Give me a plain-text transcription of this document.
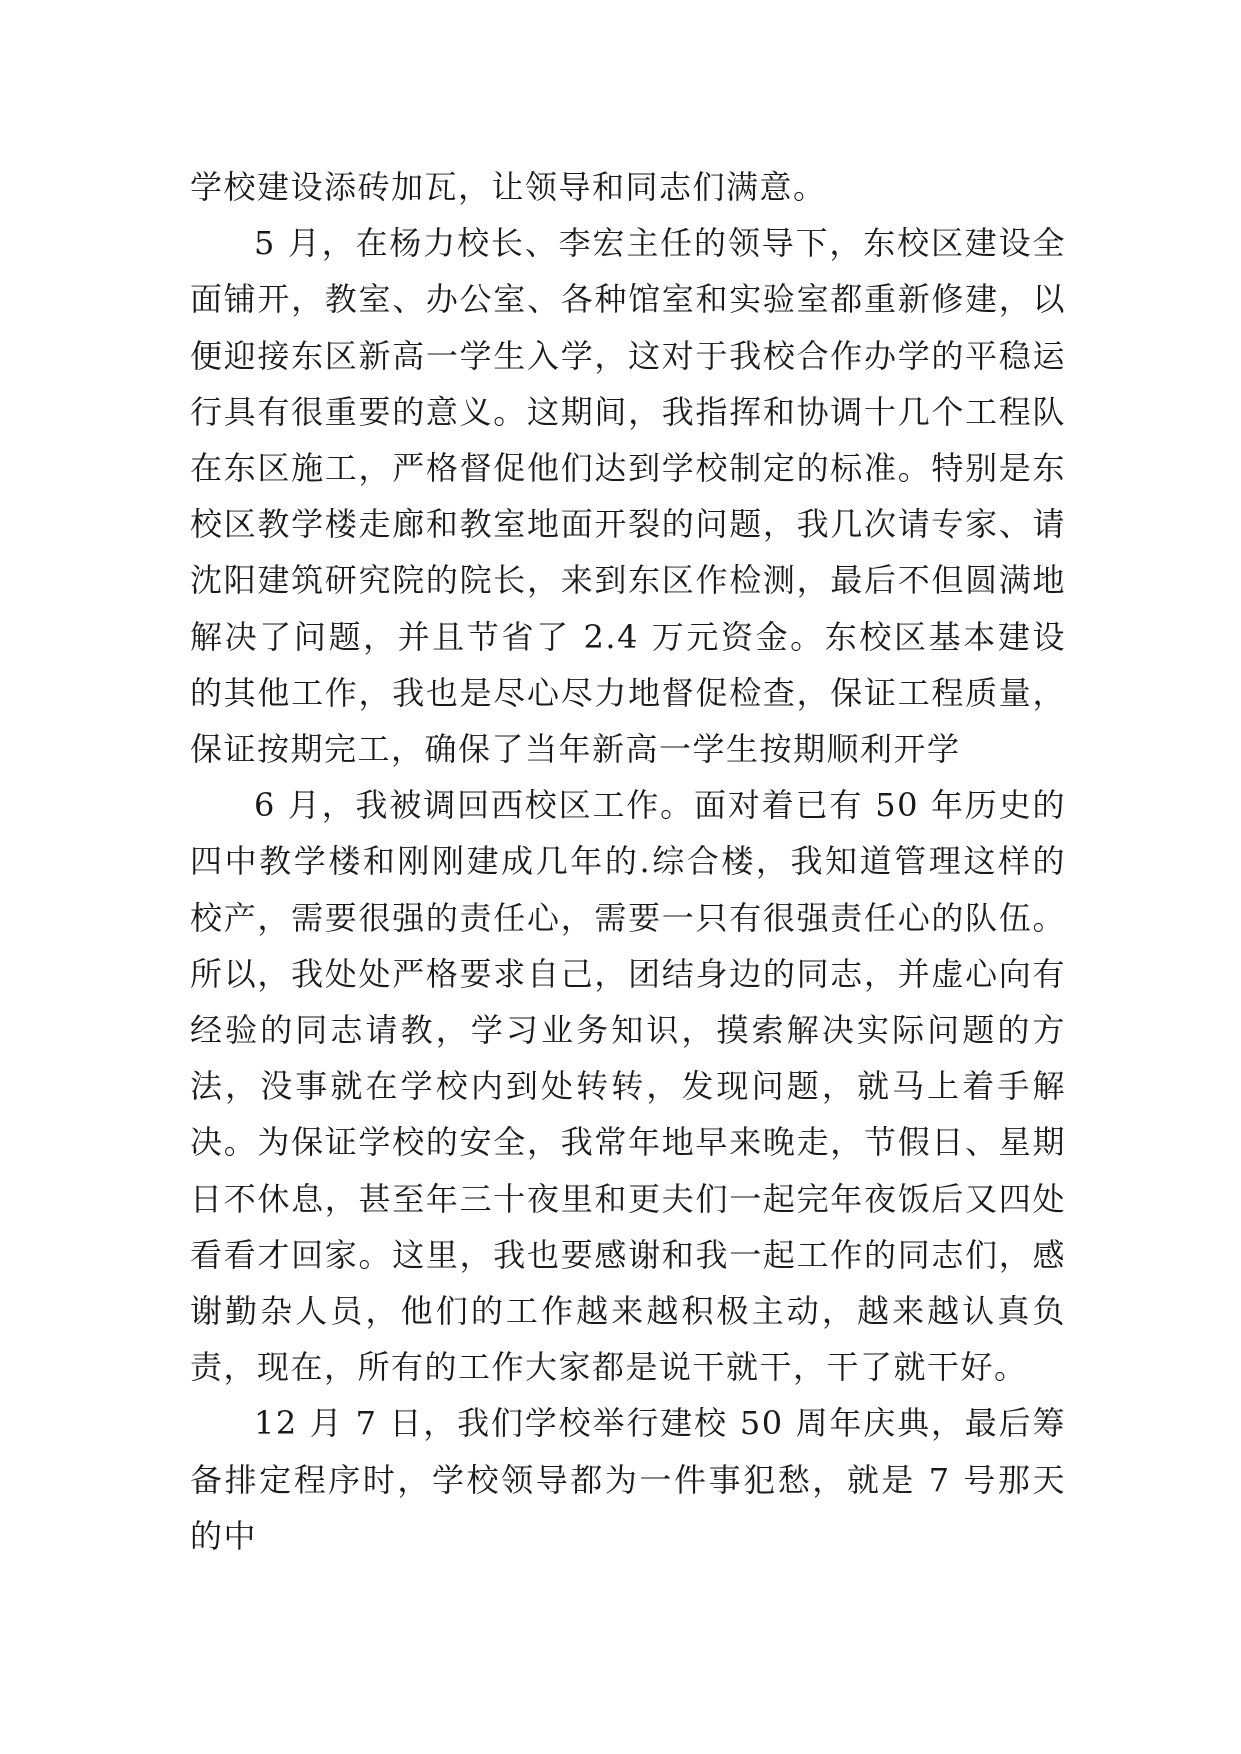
学校建设添砖加瓦，让领导和同志们满意。

5 月，在杨力校长、李宏主任的领导下，东校区建设全面铺开，教室、办公室、各种馆室和实验室都重新修建，以便迎接东区新高一学生入学，这对于我校合作办学的平稳运行具有很重要的意义。这期间，我指挥和协调十几个工程队在东区施工，严格督促他们达到学校制定的标准。特别是东校区教学楼走廊和教室地面开裂的问题，我几次请专家、请沈阳建筑研究院的院长，来到东区作检测，最后不但圆满地解决了问题，并且节省了 2.4 万元资金。东校区基本建设的其他工作，我也是尽心尽力地督促检查，保证工程质量，保证按期完工，确保了当年新高一学生按期顺利开学

6 月，我被调回西校区工作。面对着已有 50 年历史的四中教学楼和刚刚建成几年的.综合楼，我知道管理这样的校产，需要很强的责任心，需要一只有很强责任心的队伍。所以，我处处严格要求自己，团结身边的同志，并虚心向有经验的同志请教，学习业务知识，摸索解决实际问题的方法，没事就在学校内到处转转，发现问题，就马上着手解决。为保证学校的安全，我常年地早来晚走，节假日、星期日不休息，甚至年三十夜里和更夫们一起完年夜饭后又四处看看才回家。这里，我也要感谢和我一起工作的同志们，感谢勤杂人员，他们的工作越来越积极主动，越来越认真负责，现在，所有的工作大家都是说干就干，干了就干好。

12 月 7 日，我们学校举行建校 50 周年庆典，最后筹备排定程序时，学校领导都为一件事犯愁，就是 7 号那天的中
